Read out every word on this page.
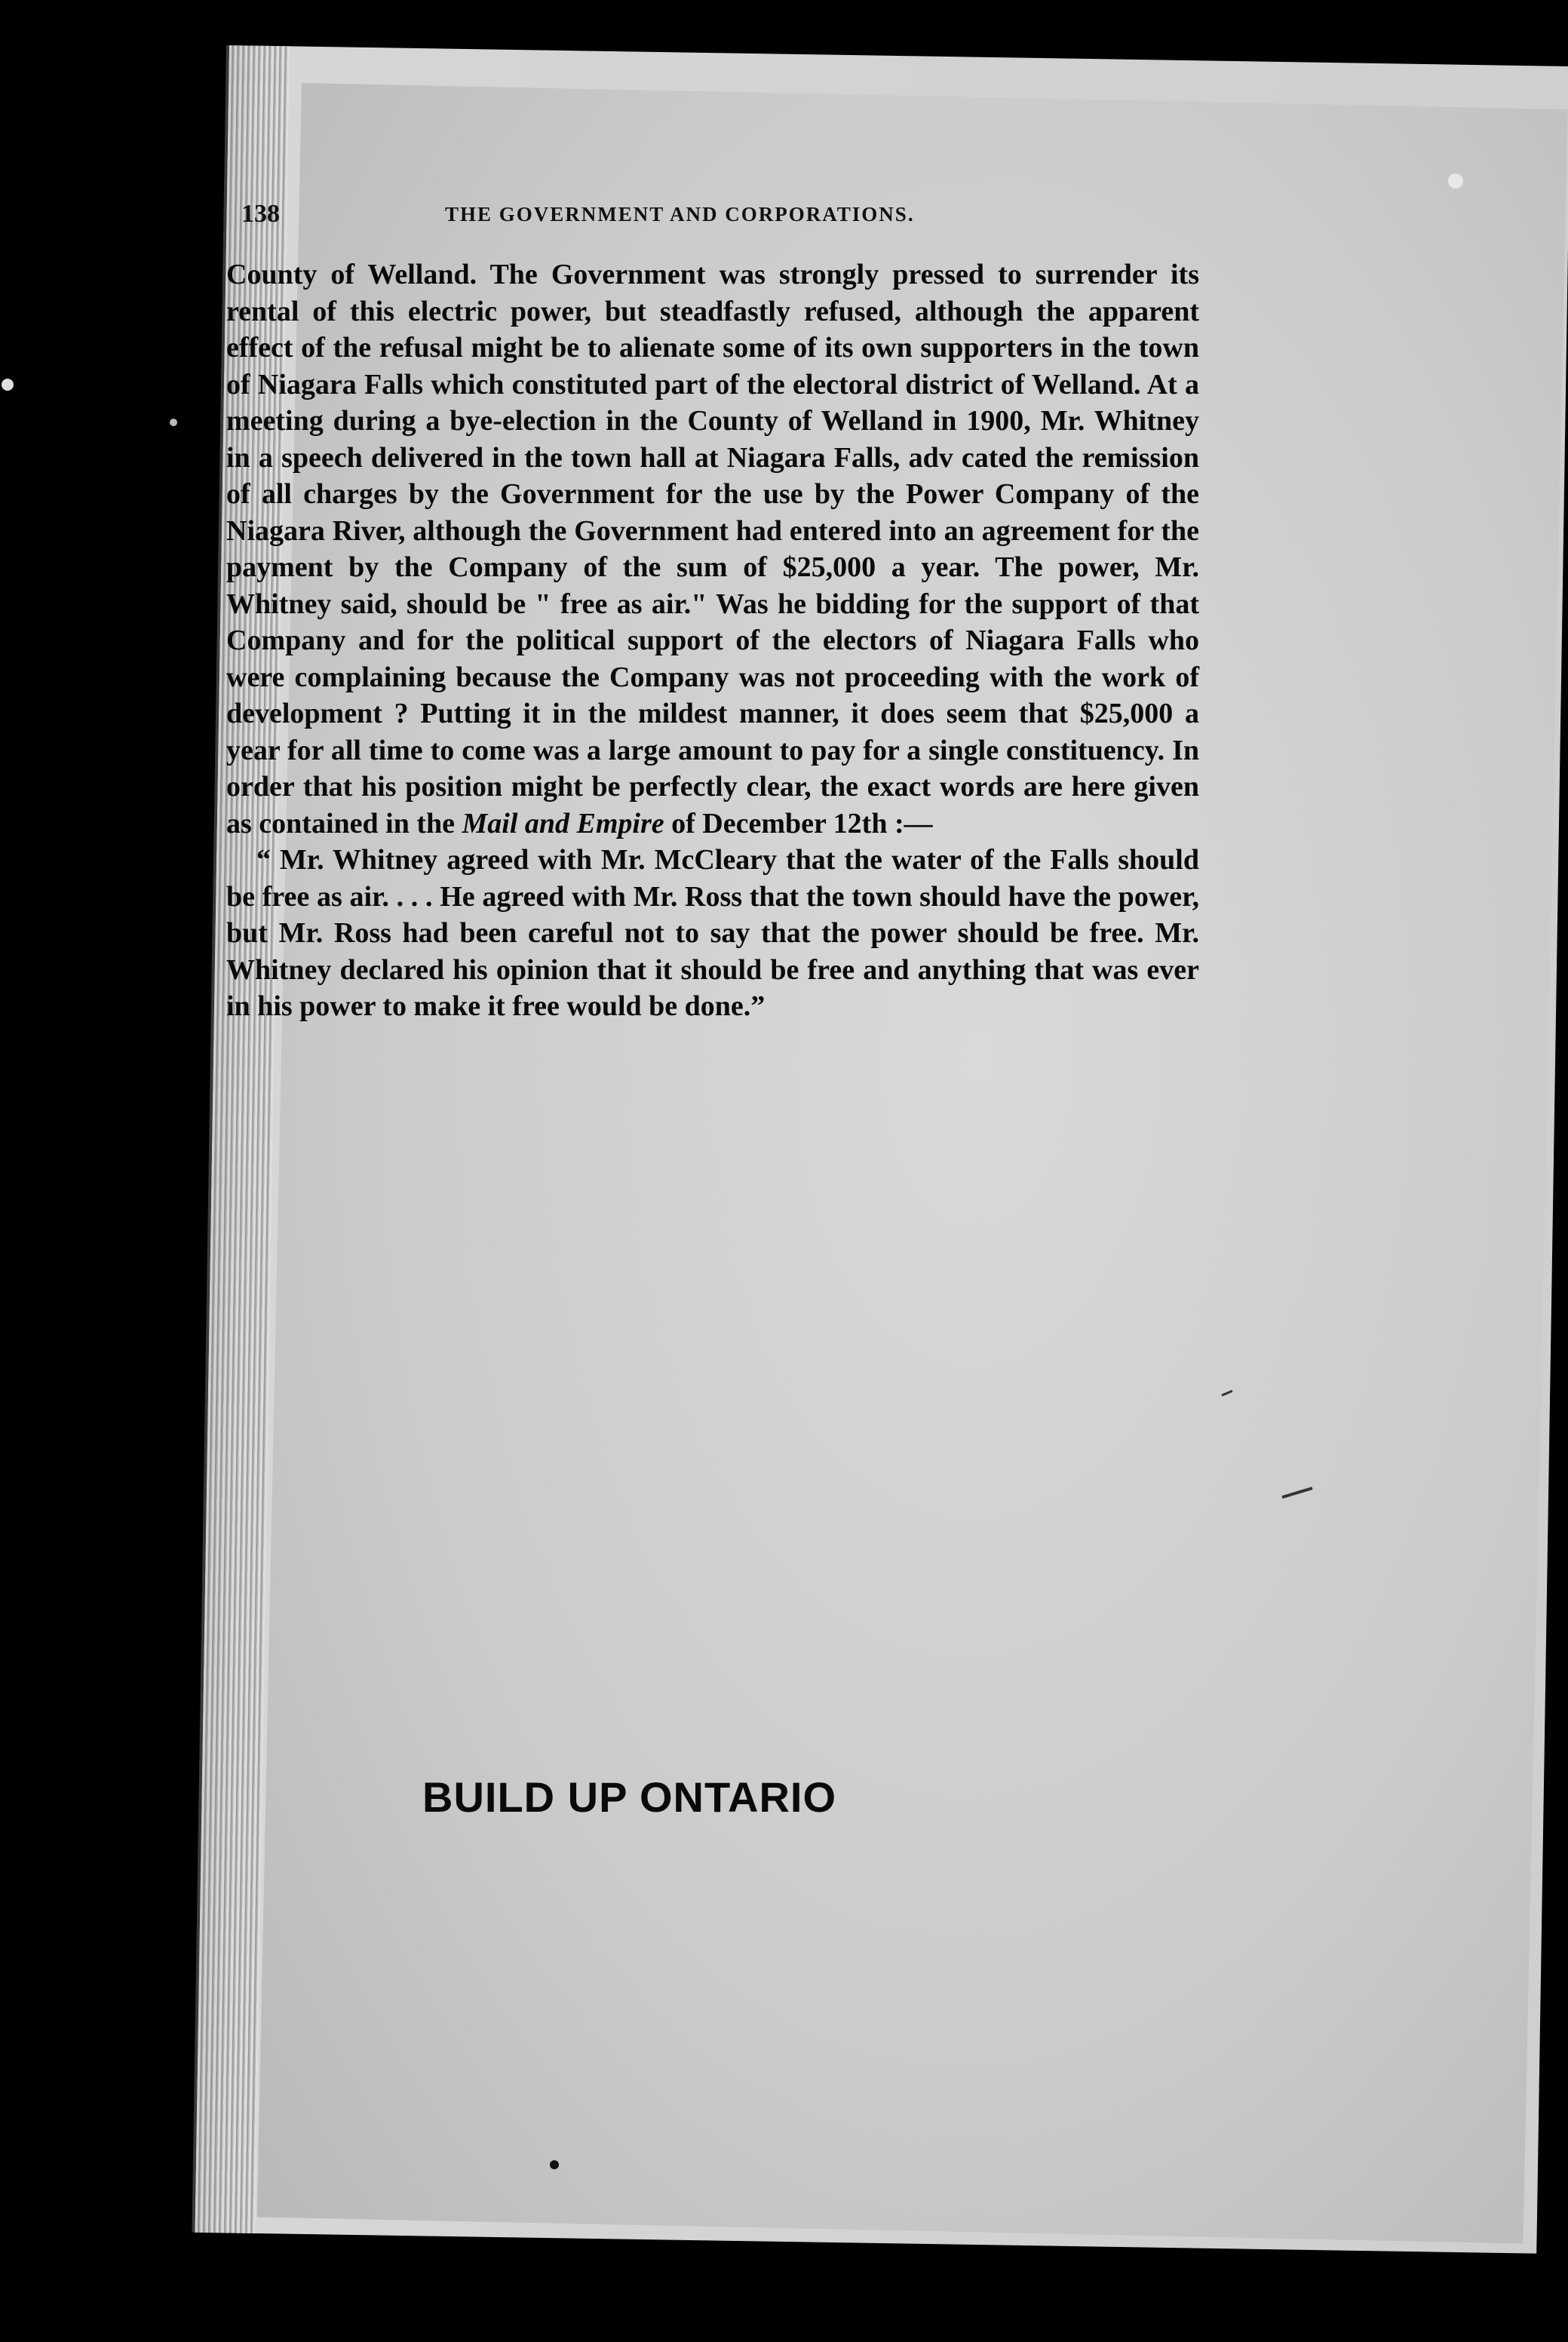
138	THE GOVERNMENT AND CORPORATIONS.

County of Welland. The Government was strongly pressed to surrender its rental of this electric power, but steadfastly refused, although the apparent effect of the refusal might be to alienate some of its own supporters in the town of Niagara Falls which constituted part of the electoral district of Welland. At a meeting during a bye-election in the County of Welland in 1900, Mr. Whitney in a speech delivered in the town hall at Niagara Falls, adv cated the remission of all charges by the Government for the use by the Power Company of the Niagara River, although the Government had entered into an agreement for the payment by the Company of the sum of $25,000 a year. The power, Mr. Whitney said, should be " free as air." Was he bidding for the support of that Company and for the political support of the electors of Niagara Falls who were complaining because the Company was not proceeding with the work of development ? Putting it in the mildest manner, it does seem that $25,000 a year for all time to come was a large amount to pay for a single constituency. In order that his position might be perfectly clear, the exact words are here given as contained in the Mail and Empire of December 12th :—

“ Mr. Whitney agreed with Mr. McCleary that the water of the Falls should be free as air. . . . He agreed with Mr. Ross that the town should have the power, but Mr. Ross had been careful not to say that the power should be free. Mr. Whitney declared his opinion that it should be free and anything that was ever in his power to make it free would be done.”

BUILD UP ONTARIO
